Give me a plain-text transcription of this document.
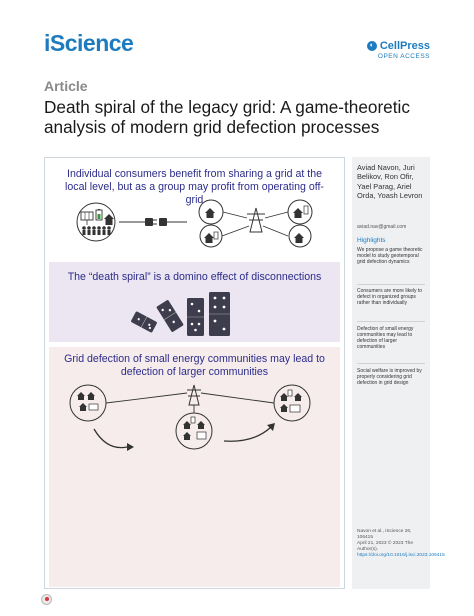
iScience	◐ CellPress
OPEN ACCESS
Article
Death spiral of the legacy grid: A game-theoretic analysis of modern grid defection processes
Individual consumers benefit from sharing a grid at the local level, but as a group may profit from operating off-grid
The “death spiral” is a domino effect of disconnections
Grid defection of small energy communities may lead to defection of larger communities
Aviad Navon, Juri Belikov, Ron Ofir, Yael Parag, Ariel Orda, Yoash Levron
aviad.nav@gmail.com
Highlights
We propose a game theoretic model to study geotemporal grid defection dynamics
Consumers are more likely to defect in organized groups rather than individually
Defection of small energy communities may lead to defection of larger communities
Social welfare is improved by properly considering grid defection in grid design
Navon et al., iScience 26, 106415
April 21, 2023 © 2023 The Author(s).
https://doi.org/10.1016/j.isci.2023.106415
